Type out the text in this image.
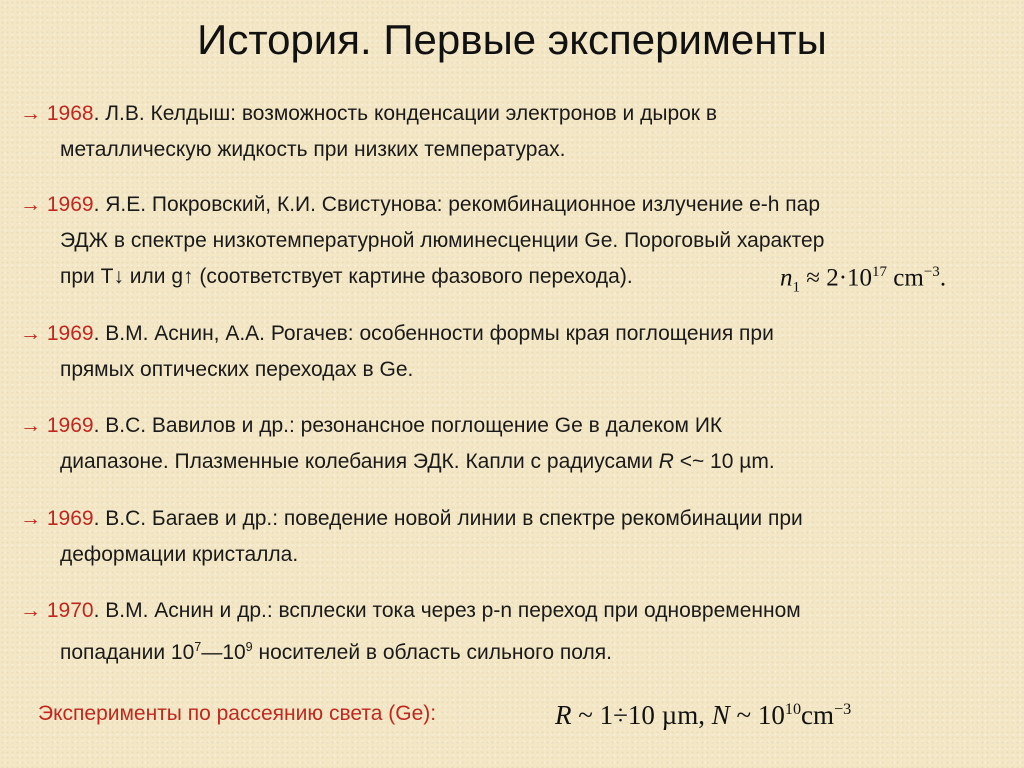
История. Первые эксперименты
→ 1968. Л.В. Келдыш: возможность конденсации электронов и дырок в
металлическую жидкость при низких температурах.
→ 1969. Я.Е. Покровский, К.И. Свистунова: рекомбинационное излучение e-h пар
ЭДЖ в спектре низкотемпературной люминесценции Ge. Пороговый характер
при T↓ или g↑ (соответствует картине фазового перехода).	$n_1 \approx 2\cdot 10^{17}$ $cm^{-3}$.
→ 1969. В.М. Аснин, А.А. Рогачев: особенности формы края поглощения при
прямых оптических переходах в Ge.
→ 1969. В.С. Вавилов и др.: резонансное поглощение Ge в далеком ИК
диапазоне. Плазменные колебания ЭДК. Капли с радиусами R <~ 10 µm.
→ 1969. В.С. Багаев и др.: поведение новой линии в спектре рекомбинации при
деформации кристалла.
→ 1970. В.М. Аснин и др.: всплески тока через p-n переход при одновременном
попадании $10^7—10^9$ носителей в область сильного поля.
Эксперименты по рассеянию света (Ge):	R ~ 1÷10 µm, N ~ $10^{10}cm^{-3}$
